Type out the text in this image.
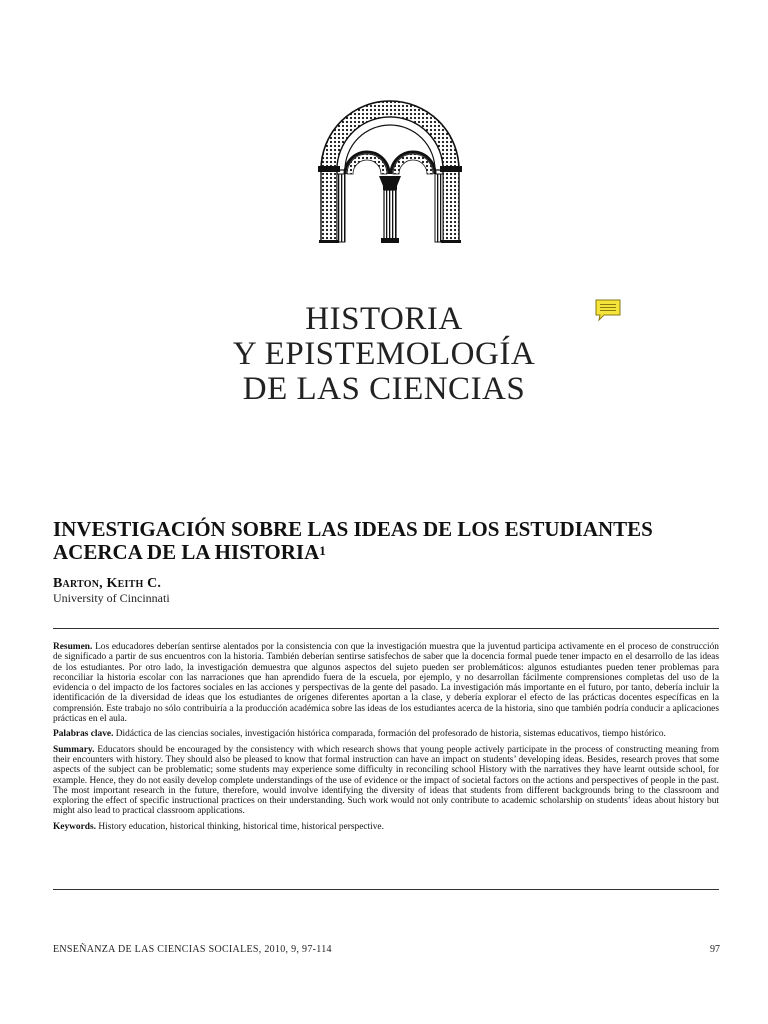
HISTORIA
Y EPISTEMOLOGÍA
DE LAS CIENCIAS
INVESTIGACIÓN SOBRE LAS IDEAS DE LOS ESTUDIANTES
ACERCA DE LA HISTORIA$^1$
Barton, Keith C.
University of Cincinnati

Resumen. Los educadores deberían sentirse alentados por la consistencia con que la investigación muestra que la juventud participa activamente en el proceso de construcción de significado a partir de sus encuentros con la historia. También deberían sentirse satisfechos de saber que la docencia formal puede tener impacto en el desarrollo de las ideas de los estudiantes. Por otro lado, la investigación demuestra que algunos aspectos del sujeto pueden ser problemáticos: algunos estudiantes pueden tener problemas para reconciliar la historia escolar con las narraciones que han aprendido fuera de la escuela, por ejemplo, y no desarrollan fácilmente comprensiones completas del uso de la evidencia o del impacto de los factores sociales en las acciones y perspectivas de la gente del pasado. La investigación más importante en el futuro, por tanto, debería incluir la identificación de la diversidad de ideas que los estudiantes de orígenes diferentes aportan a la clase, y debería explorar el efecto de las prácticas docentes específicas en la comprensión. Este trabajo no sólo contribuiría a la producción académica sobre las ideas de los estudiantes acerca de la historia, sino que también podría conducir a aplicaciones prácticas en el aula.

Palabras clave. Didáctica de las ciencias sociales, investigación histórica comparada, formación del profesorado de historia, sistemas educativos, tiempo histórico.

Summary. Educators should be encouraged by the consistency with which research shows that young people actively participate in the process of constructing meaning from their encounters with history. They should also be pleased to know that formal instruction can have an impact on students’ developing ideas. Besides, research proves that some aspects of the subject can be problematic; some students may experience some difficulty in reconciling school History with the narratives they have learnt outside school, for example. Hence, they do not easily develop complete understandings of the use of evidence or the impact of societal factors on the actions and perspectives of people in the past. The most important research in the future, therefore, would involve identifying the diversity of ideas that students from different backgrounds bring to the classroom and exploring the effect of specific instructional practices on their understanding. Such work would not only contribute to academic scholarship on students’ ideas about history but might also lead to practical classroom applications.

Keywords. History education, historical thinking, historical time, historical perspective.

ENSEÑANZA DE LAS CIENCIAS SOCIALES, 2010, 9, 97-114	97
